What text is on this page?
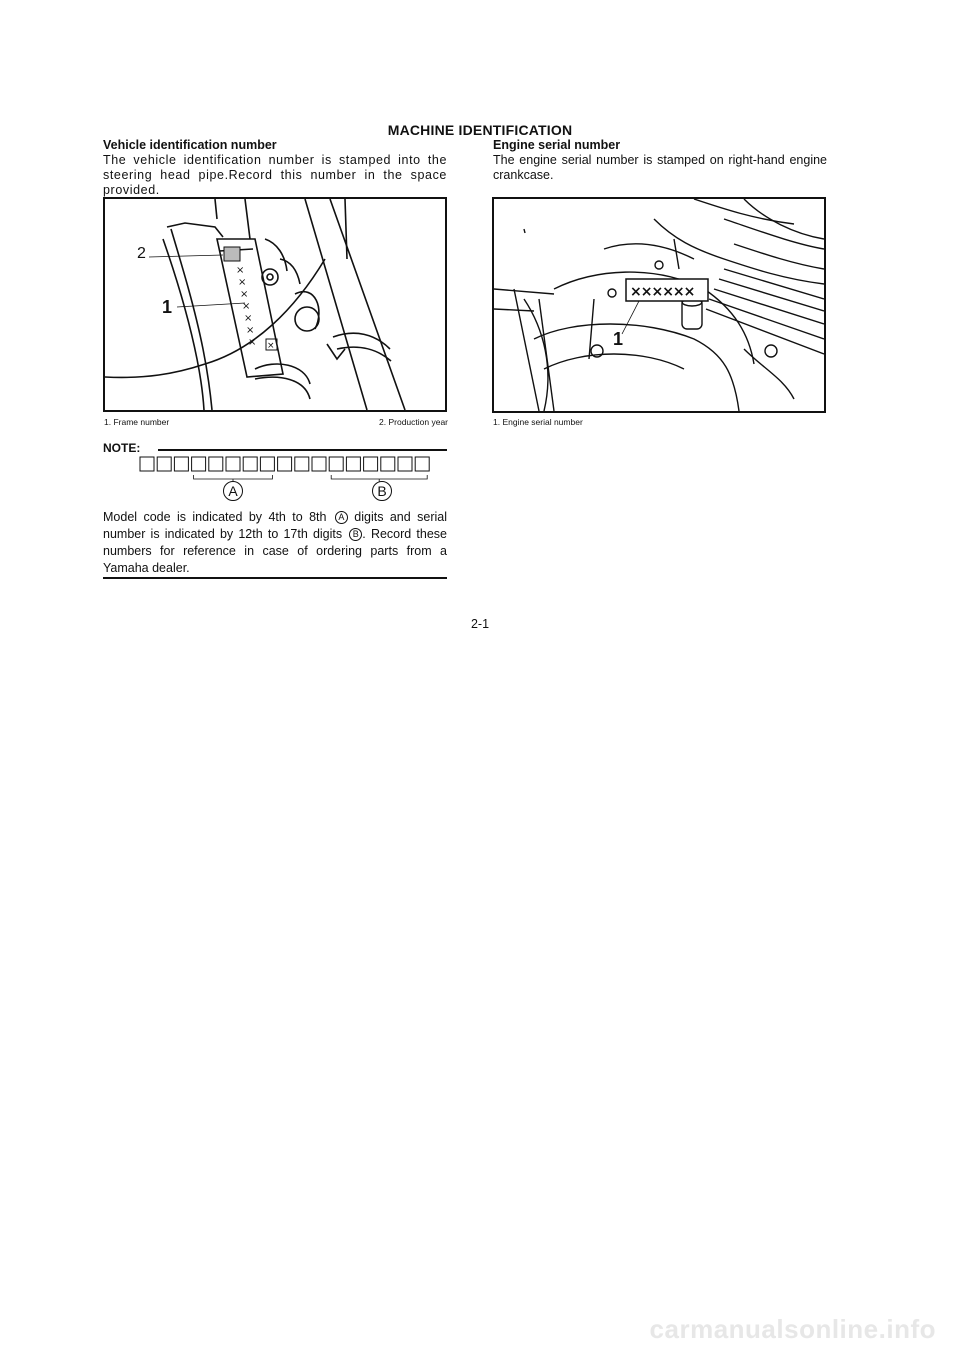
MACHINE IDENTIFICATION

Vehicle identification number

The vehicle identification number is stamped into the steering head pipe.Record this number in the space provided.

Engine serial number

The engine serial number is stamped on right-hand engine crankcase.

×
×
×
×
×
×
× ×
2
1
1. Frame number	2. Production year
××××××
1
1. Engine serial number
NOTE:
A	B

Model code is indicated by 4th to 8th A digits and serial number is indicated by 12th to 17th digits B . Record these numbers for reference in case of ordering parts from a Yamaha dealer.

2-1
carmanualsonline.info
